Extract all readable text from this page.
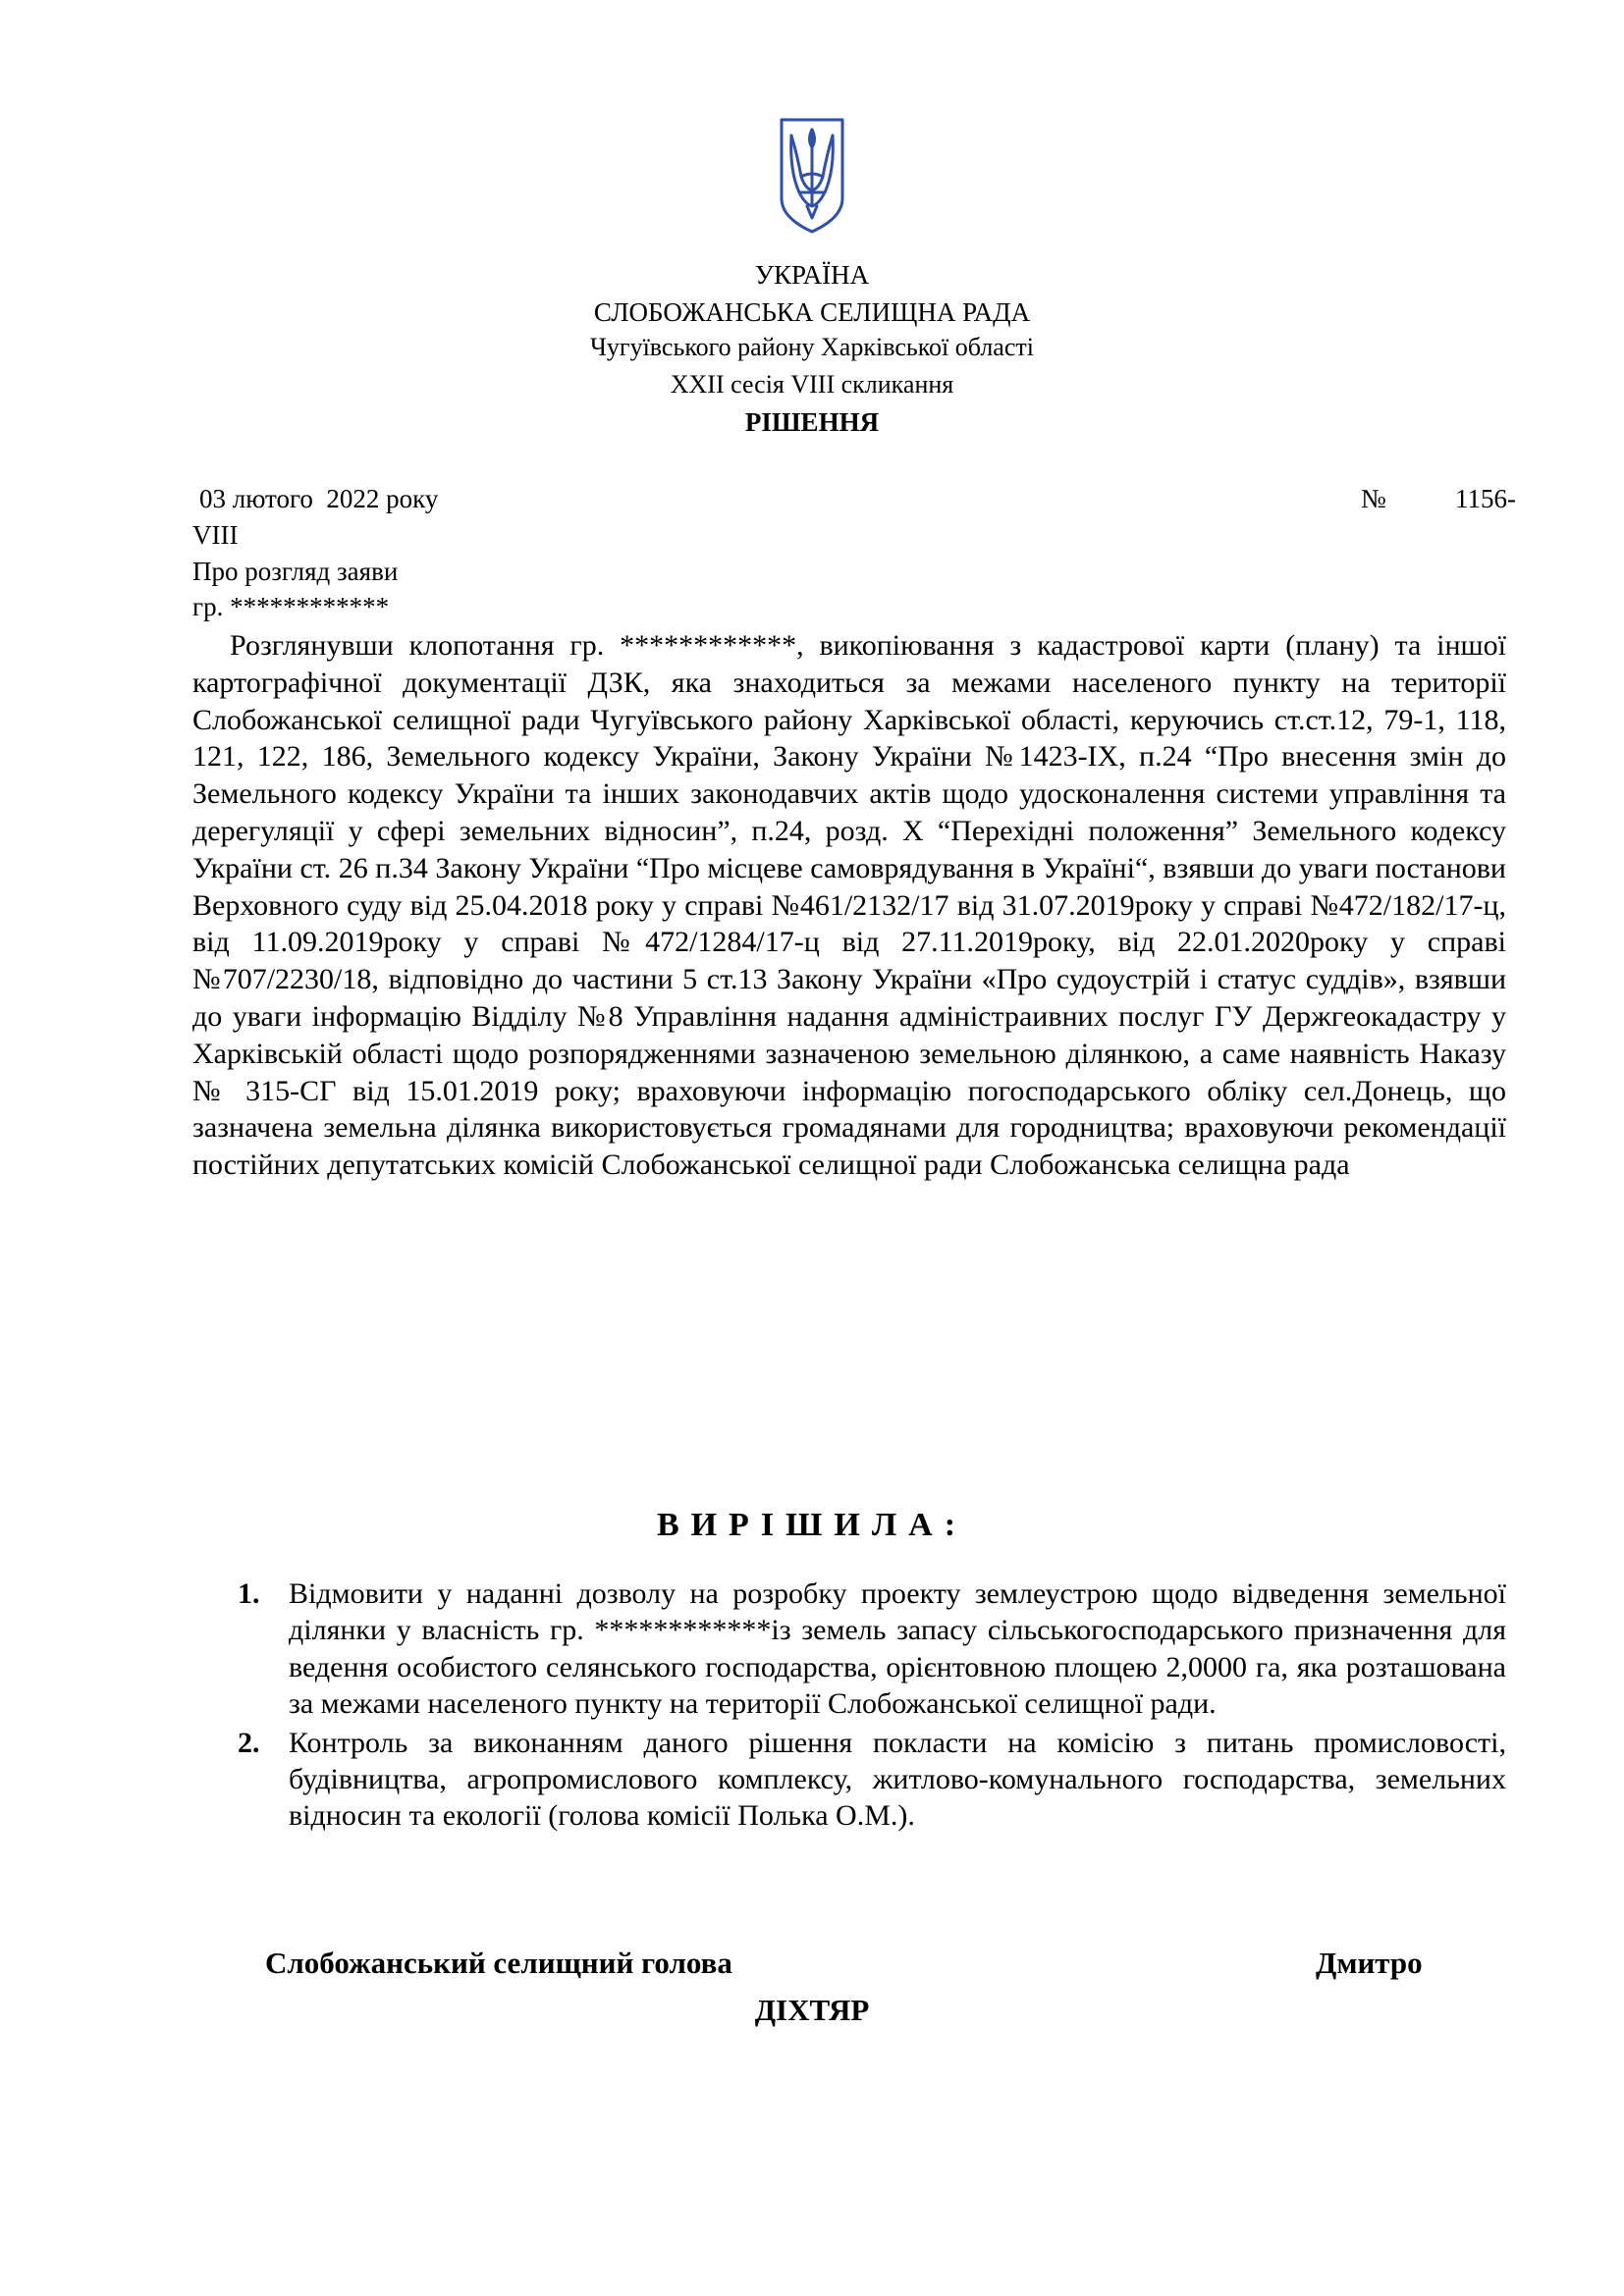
УКРАЇНА
СЛОБОЖАНСЬКА СЕЛИЩНА РАДА
Чугуївського району Харківської області
XXII сесія VIII скликання
РІШЕННЯ
03 лютого  2022 року	№	1156-
VIII
Про розгляд заяви
гр. ************

Розглянувши клопотання гр. ************, викопіювання з кадастрової карти (плану) та іншої картографічної документації ДЗК, яка знаходиться за межами населеного пункту на території Слобожанської селищної ради Чугуївського району Харківської області, керуючись ст.ст.12, 79-1, 118, 121, 122, 186, Земельного кодексу України, Закону України №1423-IX, п.24 “Про внесення змін до Земельного кодексу України та інших законодавчих актів щодо удосконалення системи управління та дерегуляції у сфері земельних відносин”, п.24, розд. Х “Перехідні положення” Земельного кодексу України ст. 26 п.34 Закону України “Про місцеве самоврядування в Україні“, взявши до уваги постанови Верховного суду від 25.04.2018 року у справі №461/2132/17 від 31.07.2019року у справі №472/182/17-ц, від 11.09.2019року у справі №472/1284/17-ц від 27.11.2019року, від 22.01.2020року у справі №707/2230/18, відповідно до частини 5 ст.13 Закону України «Про судоустрій і статус суддів», взявши до уваги інформацію Відділу №8 Управління надання адміністраивних послуг ГУ Держгеокадастру у Харківській області щодо розпорядженнями зазначеною земельною ділянкою, а саме наявність Наказу № 315-СГ від 15.01.2019 року; враховуючи інформацію погосподарського обліку сел.Донець, що зазначена земельна ділянка використовується громадянами для городництва; враховуючи рекомендації постійних депутатських комісій Слобожанської селищної ради Слобожанська селищна рада

ВИРІШИЛА:
1. Відмовити у наданні дозволу на розробку проекту землеустрою щодо відведення земельної ділянки у власність гр. ************із земель запасу сільськогосподарського призначення для ведення особистого селянського господарства, орієнтовною площею 2,0000 га, яка розташована за межами населеного пункту на території Слобожанської селищної ради.
2. Контроль за виконанням даного рішення покласти на комісію з питань промисловості, будівництва, агропромислового комплексу, житлово-комунального господарства, земельних відносин та екології (голова комісії Полька О.М.).
Слобожанський селищний голова	Дмитро
ДІХТЯР
